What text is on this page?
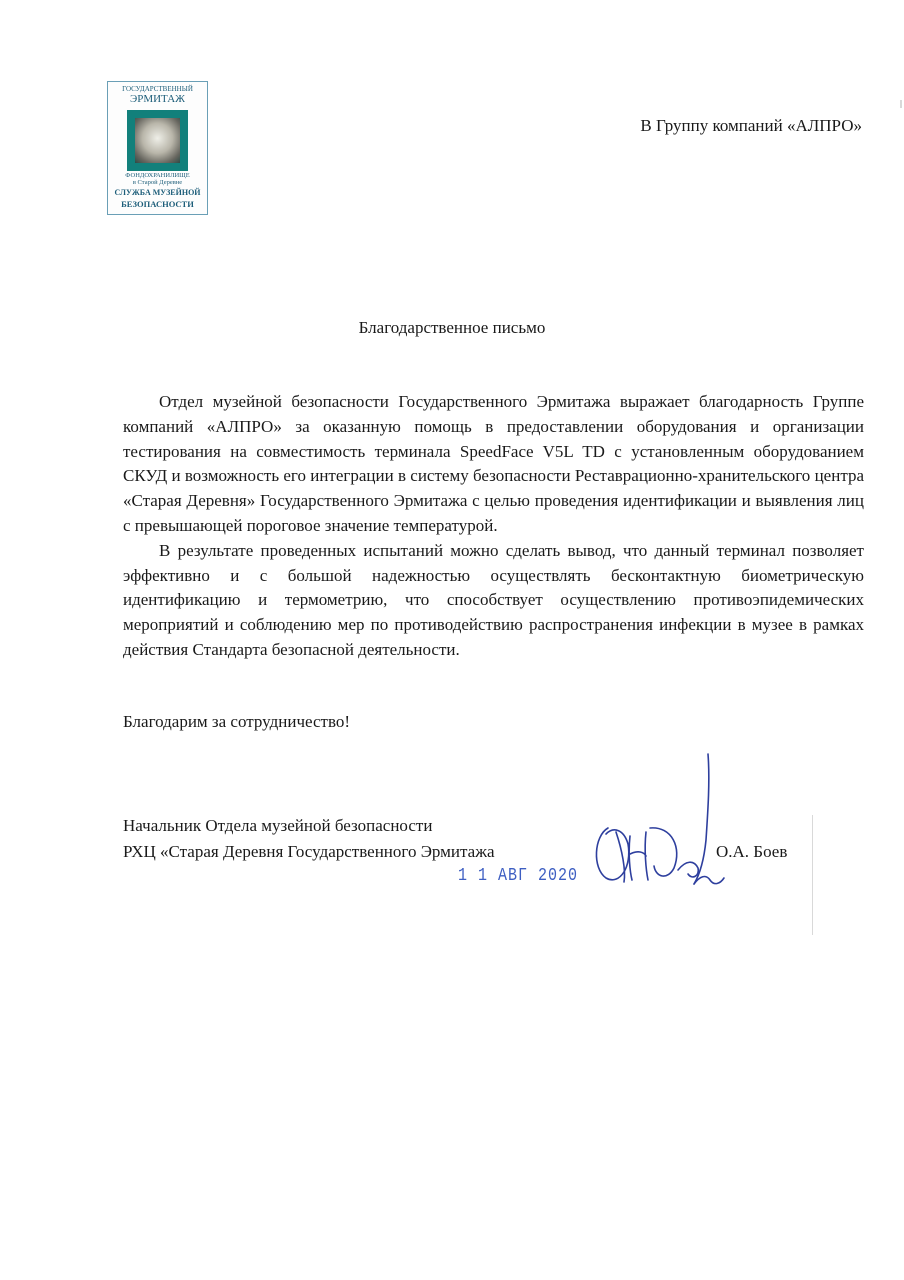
ГОСУДАРСТВЕННЫЙ
ЭРМИТАЖ
ФОНДОХРАНИЛИЩЕ
в Старой Деревне
СЛУЖБА МУЗЕЙНОЙ
БЕЗОПАСНОСТИ
В Группу компаний «АЛПРО»
Благодарственное письмо

Отдел музейной безопасности Государственного Эрмитажа выражает благодарность Группе компаний «АЛПРО» за оказанную помощь в предоставлении оборудования и организации тестирования на совместимость терминала SpeedFace V5L TD с установленным оборудованием СКУД и возможность его интеграции в систему безопасности Реставрационно-хранительского центра «Старая Деревня» Государственного Эрмитажа с целью проведения идентификации и выявления лиц с превышающей пороговое значение температурой.

В результате проведенных испытаний можно сделать вывод, что данный терминал позволяет эффективно и с большой надежностью осуществлять бесконтактную биометрическую идентификацию и термометрию, что способствует осуществлению противоэпидемических мероприятий и соблюдению мер по противодействию распространения инфекции в музее в рамках действия Стандарта безопасной деятельности.

Благодарим за сотрудничество!
Начальник Отдела музейной безопасности
РХЦ «Старая Деревня Государственного Эрмитажа
1 1 АВГ 2020
О.А. Боев
